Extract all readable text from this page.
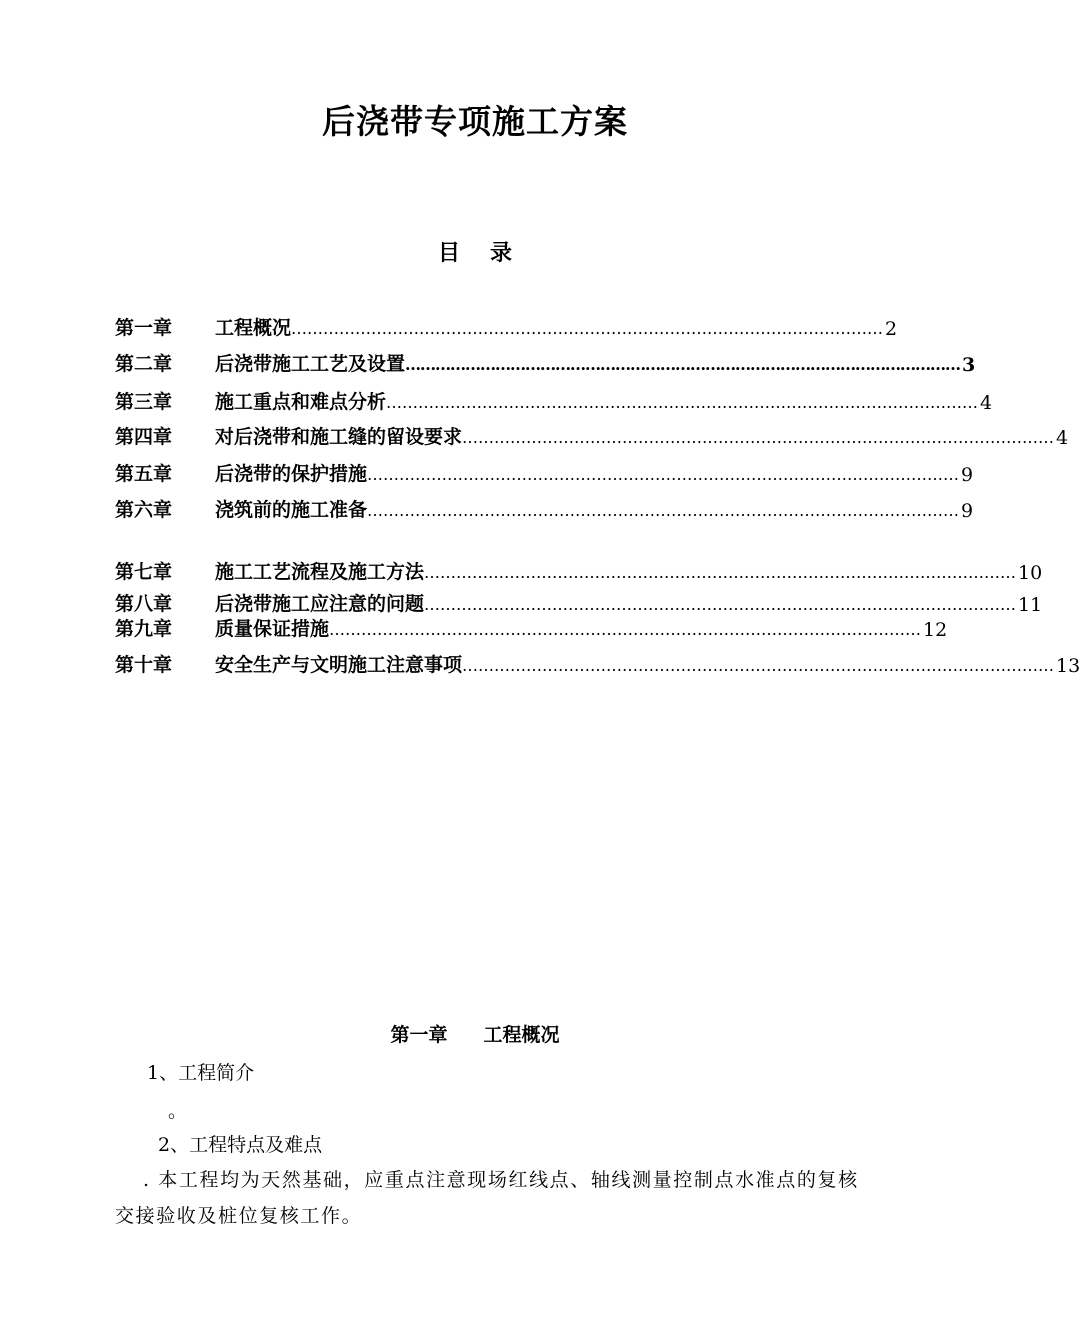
后浇带专项施工方案
目 录
第一章	工程概况 ………………………………………………………………………………………………… 2
第二章	后浇带施工工艺及设置 ………………………………………………………………………………………………… 3
第三章	施工重点和难点分析 ………………………………………………………………………………………………… 4
第四章	对后浇带和施工缝的留设要求 ………………………………………………………………………………………………… 4
第五章	后浇带的保护措施 ………………………………………………………………………………………………… 9
第六章	浇筑前的施工准备 ………………………………………………………………………………………………… 9
第七章	施工工艺流程及施工方法 ………………………………………………………………………………………………… 10
第八章	后浇带施工应注意的问题 ………………………………………………………………………………………………… 11
第九章	质量保证措施 ………………………………………………………………………………………………… 12
第十章	安全生产与文明施工注意事项 ………………………………………………………………………………………………… 13
第一章 工程概况
1、工程简介
。
2、工程特点及难点
. 本工程均为天然基础，应重点注意现场红线点、轴线测量控制点水准点的复核交接验收及桩位复核工作。
